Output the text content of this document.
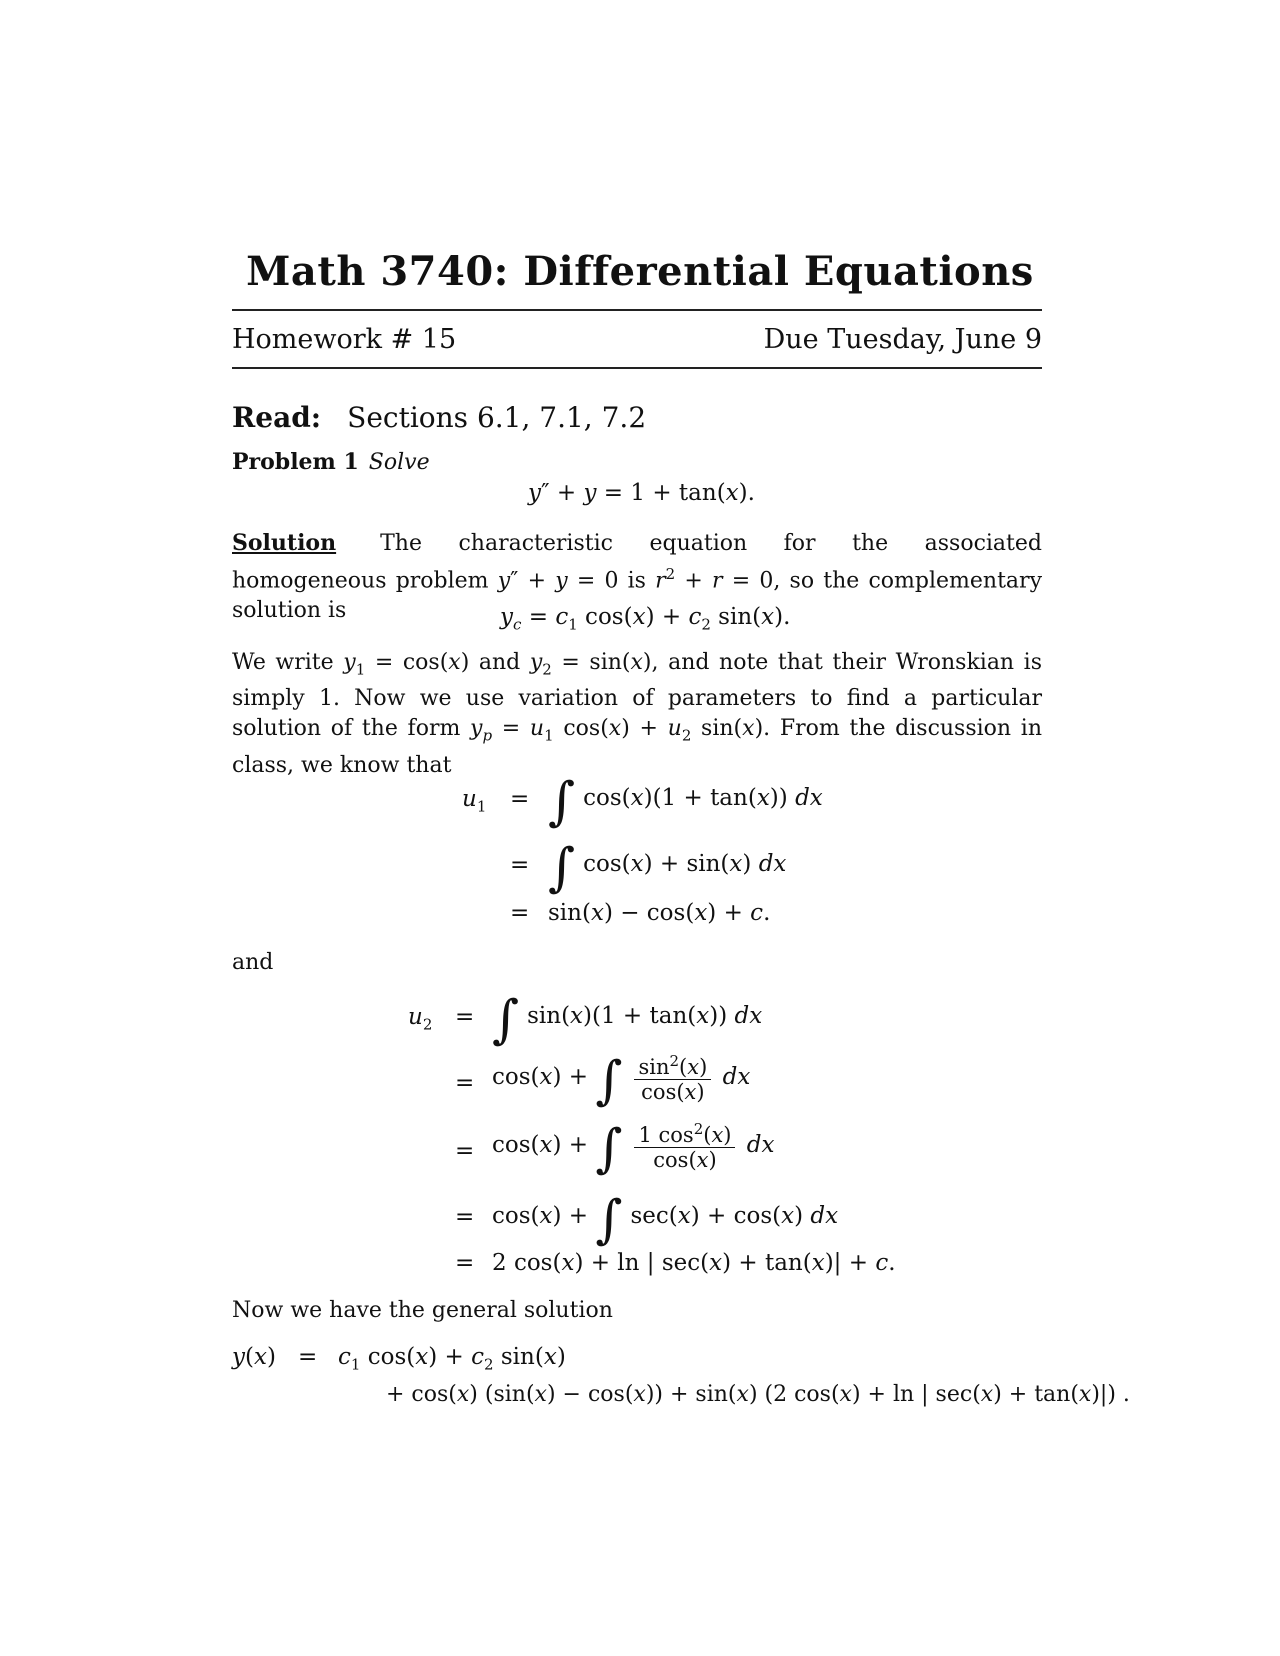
Math 3740: Differential Equations
Homework # 15	Due Tuesday, June 9
Read: Sections 6.1, 7.1, 7.2
Problem 1 Solve
y″ + y = 1 + tan(x).
Solution The characteristic equation for the associated homogeneous problem y″ + y = 0 is $r^2 + r = 0$, so the complementary solution is	$y_c = c_1$ $\cos(x) + c_2$ sin(x).
We write $y_1 = \cos(x)$ and $y_2 = \sin(x)$, and note that their Wronskian is simply 1. Now we use variation of parameters to find a particular solution of the form $y_p = u_1$ $\cos(x) + u_2$ sin(x). From the discussion in class, we know that
$u_1$ = ∫ cos(x)(1 + tan(x)) dx
= ∫ cos(x) + sin(x) dx
= sin(x) − cos(x) + c.
and
$u_2$ = ∫ sin(x)(1 + tan(x)) dx
= cos(x) + ∫ $\frac{\sin^2(x)}{\cos(x)}$ dx
= cos(x) + ∫ $\frac{1 \cos^2(x)}{\cos(x)}$ dx
= cos(x) + ∫ sec(x) + cos(x) dx
= 2 cos(x) + ln | sec(x) + tan(x)| + c.
Now we have the general solution
$y(x) = c_1$ $\cos(x) + c_2$ sin(x)
+ cos(x) (sin(x) − cos(x)) + sin(x) (2 cos(x) + ln | sec(x) + tan(x)|) .
